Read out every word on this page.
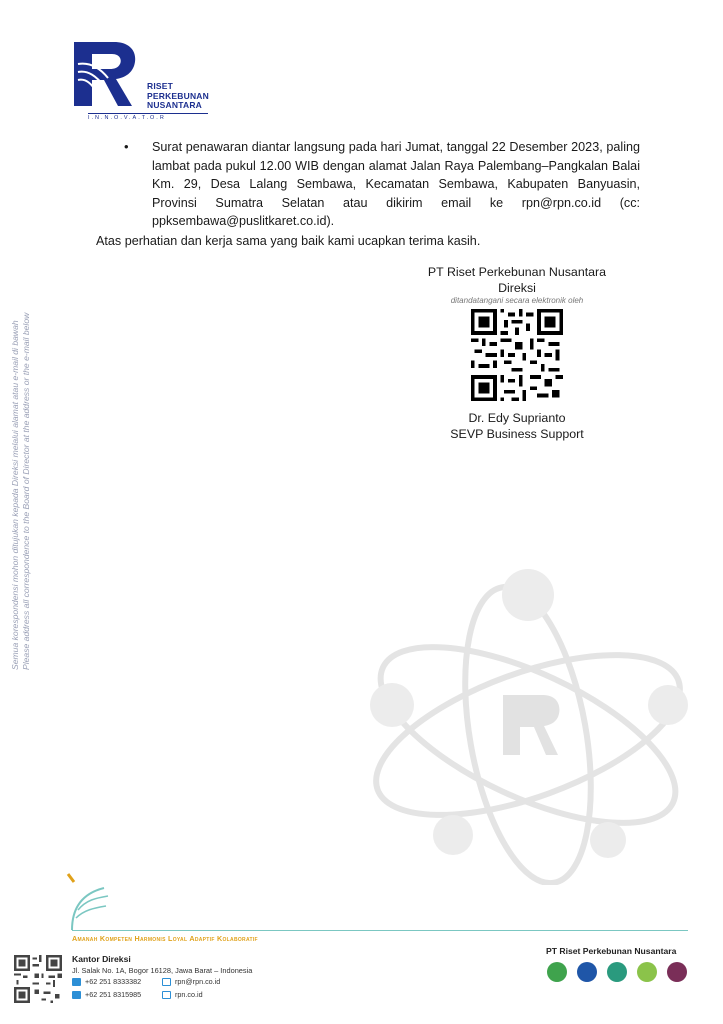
RISET
PERKEBUNAN
NUSANTARA
I.N.N.O.V.A.T.O.R
•	Surat penawaran diantar langsung pada hari Jumat, tanggal 22 Desember 2023, paling lambat pada pukul 12.00 WIB dengan alamat Jalan Raya Palembang–Pangkalan Balai Km. 29, Desa Lalang Sembawa, Kecamatan Sembawa, Kabupaten Banyuasin, Provinsi Sumatra Selatan atau dikirim email ke rpn@rpn.co.id (cc: ppksembawa@puslitkaret.co.id).
Atas perhatian dan kerja sama yang baik kami ucapkan terima kasih.
PT Riset Perkebunan Nusantara
Direksi
ditandatangani secara elektronik oleh
Dr. Edy Suprianto
SEVP Business Support
Semua korespondensi mohon ditujukan kepada Direksi melalui alamat atau e-mail di bawah Please address all correspondence to the Board of Director at the address or the e-mail below
Amanah Kompeten Harmonis Loyal Adaptif Kolaboratif
Kantor Direksi
Jl. Salak No. 1A, Bogor 16128, Jawa Barat – Indonesia
+62 251 8333382
+62 251 8315985
rpn@rpn.co.id
rpn.co.id
PT Riset Perkebunan Nusantara
